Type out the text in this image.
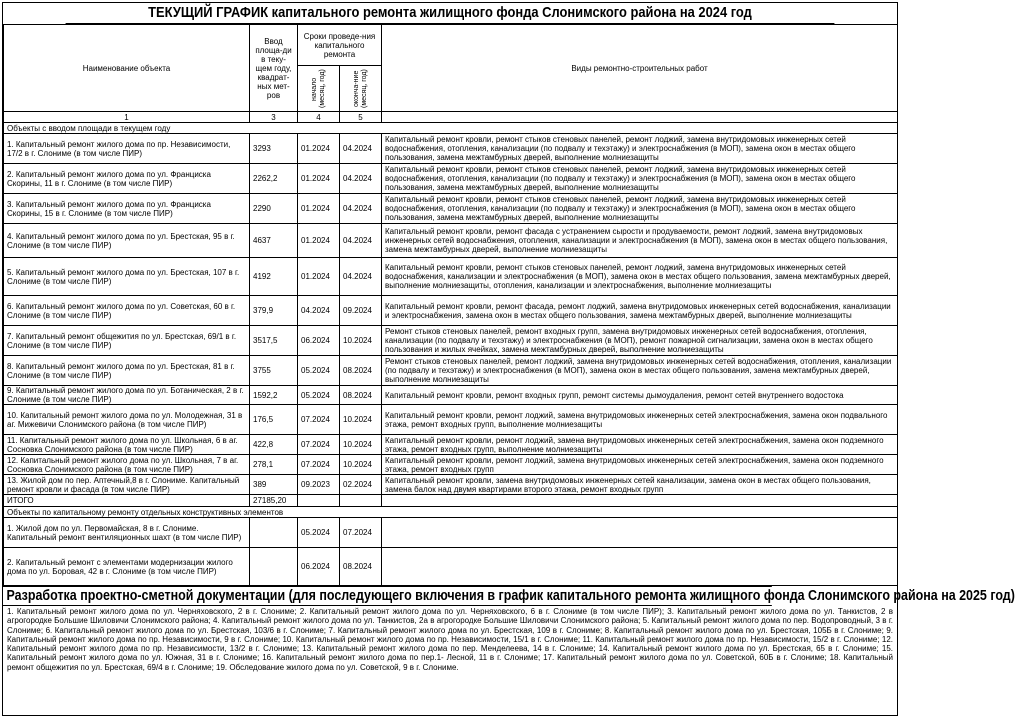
ТЕКУЩИЙ ГРАФИК капитального ремонта жилищного фонда Слонимского района на 2024 год
Наименование объекта	Ввод площа-ди в теку-щем году, квадрат-ных мет-ров	Сроки проведе-ния капитального ремонта		Виды ремонтно-строительных работ

		начало (месяц, год)	оконча-ние (месяц, год)	

1	3	4	5	
Объекты с вводом площади в текущем году				
1. Капитальный ремонт жилого дома по пр. Независимости, 17/2 в г. Слониме (в том числе ПИР)	3293	01.2024	04.2024	Капитальный ремонт кровли, ремонт стыков стеновых панелей, ремонт лоджий, замена внутридомовых инженерных сетей водоснабжения, отопления, канализации (по подвалу и техэтажу) и электроснабжения (в МОП), замена окон в местах общего пользования, замена межтамбурных дверей, выполнение молниезащиты
2. Капитальный ремонт жилого дома по ул. Франциска Скорины, 11 в г. Слониме (в том числе ПИР)	2262,2	01.2024	04.2024	Капитальный ремонт кровли, ремонт стыков стеновых панелей, ремонт лоджий, замена внутридомовых инженерных сетей водоснабжения, отопления, канализации (по подвалу и техэтажу) и электроснабжения (в МОП), замена окон в местах общего пользования, замена межтамбурных дверей, выполнение молниезащиты
3. Капитальный ремонт жилого дома по ул. Франциска Скорины, 15 в г. Слониме (в том числе ПИР)	2290	01.2024	04.2024	Капитальный ремонт кровли, ремонт стыков стеновых панелей, ремонт лоджий, замена внутридомовых инженерных сетей водоснабжения, отопления, канализации (по подвалу и техэтажу) и электроснабжения (в МОП), замена окон в местах общего пользования, замена межтамбурных дверей, выполнение молниезащиты
4. Капитальный ремонт жилого дома по ул. Брестская, 95 в г. Слониме (в том числе ПИР)	4637	01.2024	04.2024	Капитальный ремонт кровли, ремонт фасада с устранением сырости и продуваемости, ремонт лоджий, замена внутридомовых инженерных сетей водоснабжения, отопления, канализации и электроснабжения (в МОП), замена окон в местах общего пользования, замена межтамбурных дверей, выполнение молниезащиты
5. Капитальный ремонт жилого дома по ул. Брестская, 107 в г. Слониме (в том числе ПИР)	4192	01.2024	04.2024	Капитальный ремонт кровли, ремонт стыков стеновых панелей, ремонт лоджий, замена внутридомовых инженерных сетей водоснабжения, канализации и электроснабжения (в МОП), замена окон в местах общего пользования, замена межтамбурных дверей, выполнение молниезащиты, отопления, канализации и электроснабжения, выполнение молниезащиты
6. Капитальный ремонт жилого дома по ул. Советская, 60 в г. Слониме (в том числе ПИР)	379,9	04.2024	09.2024	Капитальный ремонт кровли, ремонт фасада, ремонт лоджий, замена внутридомовых инженерных сетей водоснабжения, канализации и электроснабжения, замена окон в местах общего пользования, замена межтамбурных дверей, выполнение молниезащиты
7. Капитальный ремонт общежития по ул. Брестская, 69/1 в г. Слониме (в том числе ПИР)	3517,5	06.2024	10.2024	Ремонт стыков стеновых панелей, ремонт входных групп, замена внутридомовых инженерных сетей водоснабжения, отопления, канализации (по подвалу и техэтажу) и электроснабжения (в МОП), ремонт пожарной сигнализации, замена окон в местах общего пользования и жилых ячейках, замена межтамбурных дверей, выполнение молниезащиты
8. Капитальный ремонт жилого дома по ул. Брестская, 81 в г. Слониме (в том числе ПИР)	3755	05.2024	08.2024	Ремонт стыков стеновых панелей, ремонт лоджий, замена внутридомовых инженерных сетей водоснабжения, отопления, канализации (по подвалу и техэтажу) и электроснабжения (в МОП), замена окон в местах общего пользования, замена межтамбурных дверей, выполнение молниезащиты
9. Капитальный ремонт жилого дома по ул. Ботаническая, 2 в г. Слониме (в том числе ПИР)	1592,2	05.2024	08.2024	Капитальный ремонт кровли, ремонт входных групп, ремонт системы дымоудаления, ремонт сетей внутреннего водостока
10. Капитальный ремонт жилого дома по ул. Молодежная, 31 в аг. Мижевичи Слонимского района (в том числе ПИР)	176,5	07.2024	10.2024	Капитальный ремонт кровли, ремонт лоджий, замена внутридомовых инженерных сетей электроснабжения, замена окон подвального этажа, ремонт входных групп, выполнение молниезащиты
11. Капитальный ремонт жилого дома по ул. Школьная, 6 в аг. Сосновка Слонимского района (в том числе ПИР)	422,8	07.2024	10.2024	Капитальный ремонт кровли, ремонт лоджий, замена внутридомовых инженерных сетей электроснабжения, замена окон подземного этажа, ремонт входных групп, выполнение молниезащиты
12. Капитальный ремонт жилого дома по ул. Школьная, 7 в аг. Сосновка Слонимского района (в том числе ПИР)	278,1	07.2024	10.2024	Капитальный ремонт кровли, ремонт лоджий, замена внутридомовых инженерных сетей электроснабжения, замена окон подземного этажа, ремонт входных групп
13. Жилой дом по пер. Аптечный,8 в г. Слониме. Капитальный ремонт кровли и фасада (в том числе ПИР)	389	09.2023	02.2024	Капитальный ремонт кровли, замена внутридомовых инженерных сетей канализации, замена окон в местах общего пользования, замена балок над двумя квартирами второго этажа, ремонт входных групп
ИТОГО	27185,20			
Объекты по капитальному ремонту отдельных конструктивных элементов				
1. Жилой дом по ул. Первомайская, 8 в г. Слониме. Капитальный ремонт вентиляционных шахт (в том числе ПИР)		05.2024	07.2024	
2. Капитальный ремонт с элементами модернизации жилого дома по ул. Боровая, 42 в г. Слониме (в том числе ПИР)		06.2024	08.2024	
Разработка проектно-сметной документации (для последующего включения в график капитального ремонта жилищного фонда Слонимского района на 2025 год)
1. Капитальный ремонт жилого дома по ул. Черняховского, 2 в г. Слониме; 2. Капитальный ремонт жилого дома по ул. Черняховского, 6 в г. Слониме (в том числе ПИР); 3. Капитальный ремонт жилого дома по ул. Танкистов, 2 в агрогородке Большие Шиловичи Слонимского района; 4. Капитальный ремонт жилого дома по ул. Танкистов, 2а в агрогородке Большие Шиловичи Слонимского района; 5. Капитальный ремонт жилого дома по пер. Водопроводный, 3 в г. Слониме; 6. Капитальный ремонт жилого дома по ул. Брестская, 103/6 в г. Слониме; 7. Капитальный ремонт жилого дома по ул. Брестская, 109 в г. Слониме; 8. Капитальный ремонт жилого дома по ул. Брестская, 105Б в г. Слониме; 9. Капитальный ремонт жилого дома по пр. Независимости, 9 в г. Слониме; 10. Капитальный ремонт жилого дома по пр. Независимости, 15/1 в г. Слониме; 11. Капитальный ремонт жилого дома по пр. Независимости, 15/2 в г. Слониме; 12. Капитальный ремонт жилого дома по пр. Независимости, 13/2 в г. Слониме; 13. Капитальный ремонт жилого дома по пер. Менделеева, 14 в г. Слониме; 14. Капитальный ремонт жилого дома по ул. Брестская, 65 в г. Слониме; 15. Капитальный ремонт жилого дома по ул. Южная, 31 в г. Слониме; 16. Капитальный ремонт жилого дома по пер.1- Лесной, 11 в г. Слониме; 17. Капитальный ремонт жилого дома по ул. Советской, 60Б в г. Слониме; 18. Капитальный ремонт общежития по ул. Брестская, 69/4 в г. Слониме; 19. Обследование жилого дома по ул. Советской, 9 в г. Слониме.
